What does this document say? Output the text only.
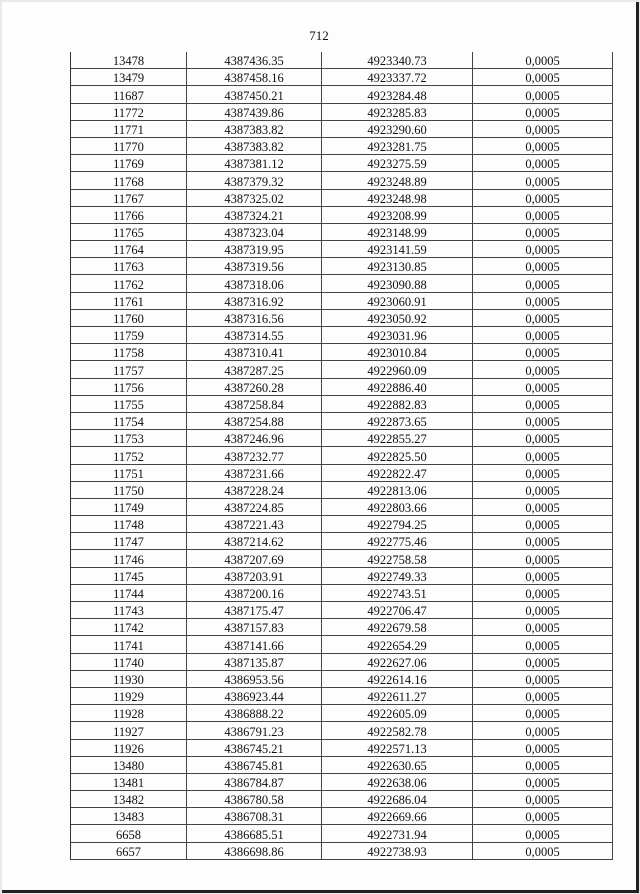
712
13478	4387436.35	4923340.73	0,0005
13479	4387458.16	4923337.72	0,0005
11687	4387450.21	4923284.48	0,0005
11772	4387439.86	4923285.83	0,0005
11771	4387383.82	4923290.60	0,0005
11770	4387383.82	4923281.75	0,0005
11769	4387381.12	4923275.59	0,0005
11768	4387379.32	4923248.89	0,0005
11767	4387325.02	4923248.98	0,0005
11766	4387324.21	4923208.99	0,0005
11765	4387323.04	4923148.99	0,0005
11764	4387319.95	4923141.59	0,0005
11763	4387319.56	4923130.85	0,0005
11762	4387318.06	4923090.88	0,0005
11761	4387316.92	4923060.91	0,0005
11760	4387316.56	4923050.92	0,0005
11759	4387314.55	4923031.96	0,0005
11758	4387310.41	4923010.84	0,0005
11757	4387287.25	4922960.09	0,0005
11756	4387260.28	4922886.40	0,0005
11755	4387258.84	4922882.83	0,0005
11754	4387254.88	4922873.65	0,0005
11753	4387246.96	4922855.27	0,0005
11752	4387232.77	4922825.50	0,0005
11751	4387231.66	4922822.47	0,0005
11750	4387228.24	4922813.06	0,0005
11749	4387224.85	4922803.66	0,0005
11748	4387221.43	4922794.25	0,0005
11747	4387214.62	4922775.46	0,0005
11746	4387207.69	4922758.58	0,0005
11745	4387203.91	4922749.33	0,0005
11744	4387200.16	4922743.51	0,0005
11743	4387175.47	4922706.47	0,0005
11742	4387157.83	4922679.58	0,0005
11741	4387141.66	4922654.29	0,0005
11740	4387135.87	4922627.06	0,0005
11930	4386953.56	4922614.16	0,0005
11929	4386923.44	4922611.27	0,0005
11928	4386888.22	4922605.09	0,0005
11927	4386791.23	4922582.78	0,0005
11926	4386745.21	4922571.13	0,0005
13480	4386745.81	4922630.65	0,0005
13481	4386784.87	4922638.06	0,0005
13482	4386780.58	4922686.04	0,0005
13483	4386708.31	4922669.66	0,0005
6658	4386685.51	4922731.94	0,0005
6657	4386698.86	4922738.93	0,0005
